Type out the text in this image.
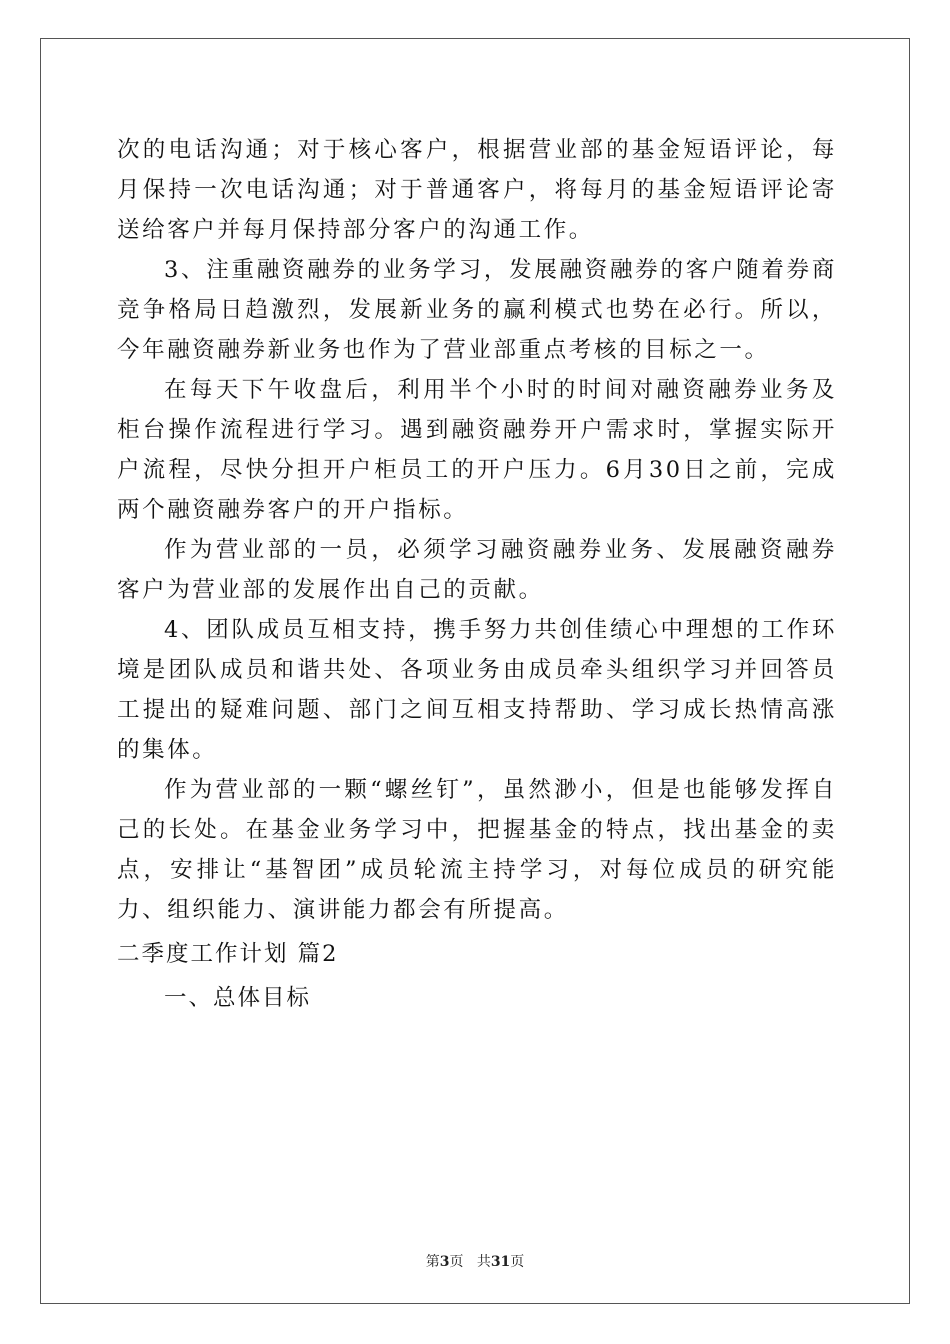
次的电话沟通；对于核心客户，根据营业部的基金短语评论，每月保持一次电话沟通；对于普通客户，将每月的基金短语评论寄送给客户并每月保持部分客户的沟通工作。

3、注重融资融券的业务学习，发展融资融券的客户随着券商竞争格局日趋激烈，发展新业务的赢利模式也势在必行。所以，今年融资融券新业务也作为了营业部重点考核的目标之一。

在每天下午收盘后，利用半个小时的时间对融资融券业务及柜台操作流程进行学习。遇到融资融券开户需求时，掌握实际开户流程，尽快分担开户柜员工的开户压力。6月30日之前，完成两个融资融券客户的开户指标。

作为营业部的一员，必须学习融资融券业务、发展融资融券客户为营业部的发展作出自己的贡献。

4、团队成员互相支持，携手努力共创佳绩心中理想的工作环境是团队成员和谐共处、各项业务由成员牵头组织学习并回答员工提出的疑难问题、部门之间互相支持帮助、学习成长热情高涨的集体。

作为营业部的一颗“螺丝钉”，虽然渺小，但是也能够发挥自己的长处。在基金业务学习中，把握基金的特点，找出基金的卖点，安排让“基智团”成员轮流主持学习，对每位成员的研究能力、组织能力、演讲能力都会有所提高。

二季度工作计划 篇2

一、总体目标

第3页 共31页
